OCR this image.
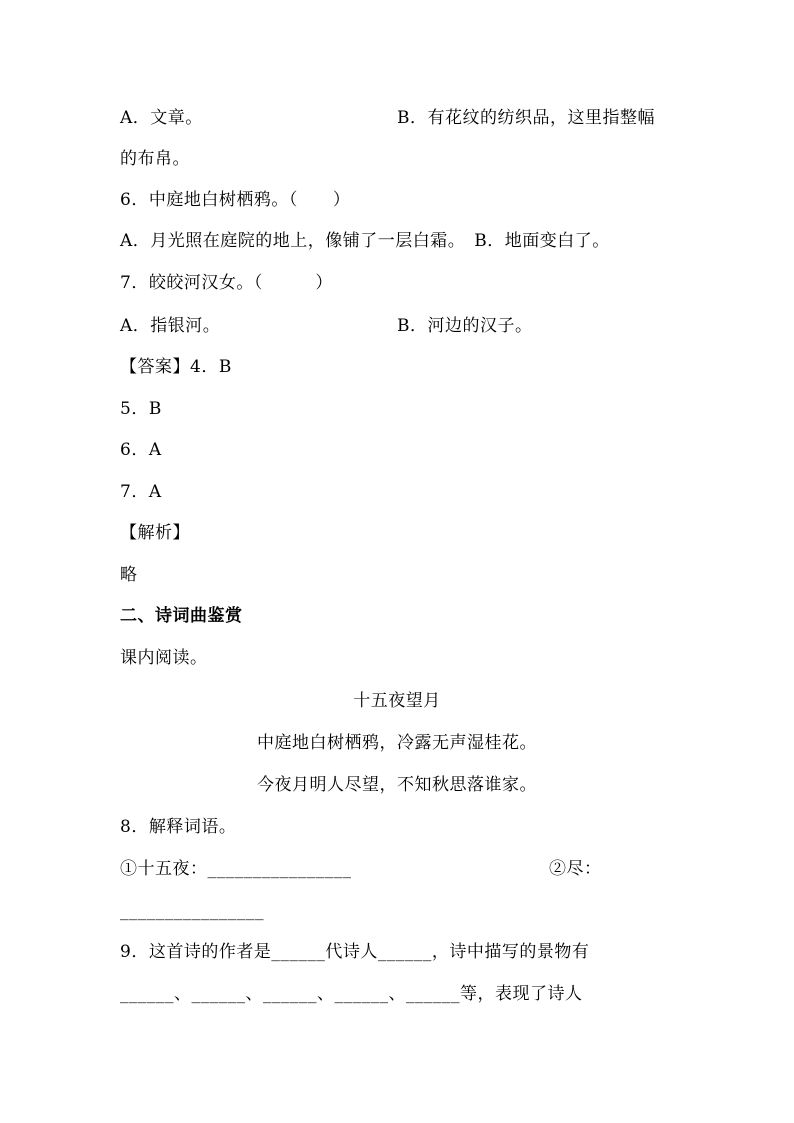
A．文章。	B．有花纹的纺织品，这里指整幅
的布帛。
6．中庭地白树栖鸦。（　　）
A．月光照在庭院的地上，像铺了一层白霜。　B．地面变白了。
7．皎皎河汉女。（　　　）
A．指银河。	B．河边的汉子。
【答案】4．B
5．B
6．A
7．A
【解析】
略
二、诗词曲鉴赏
课内阅读。
十五夜望月
中庭地白树栖鸦，冷露无声湿桂花。
今夜月明人尽望，不知秋思落谁家。
8．解释词语。
①十五夜：________________	②尽：
________________
9．这首诗的作者是______代诗人______，诗中描写的景物有
______、______、______、______、______等，表现了诗人
